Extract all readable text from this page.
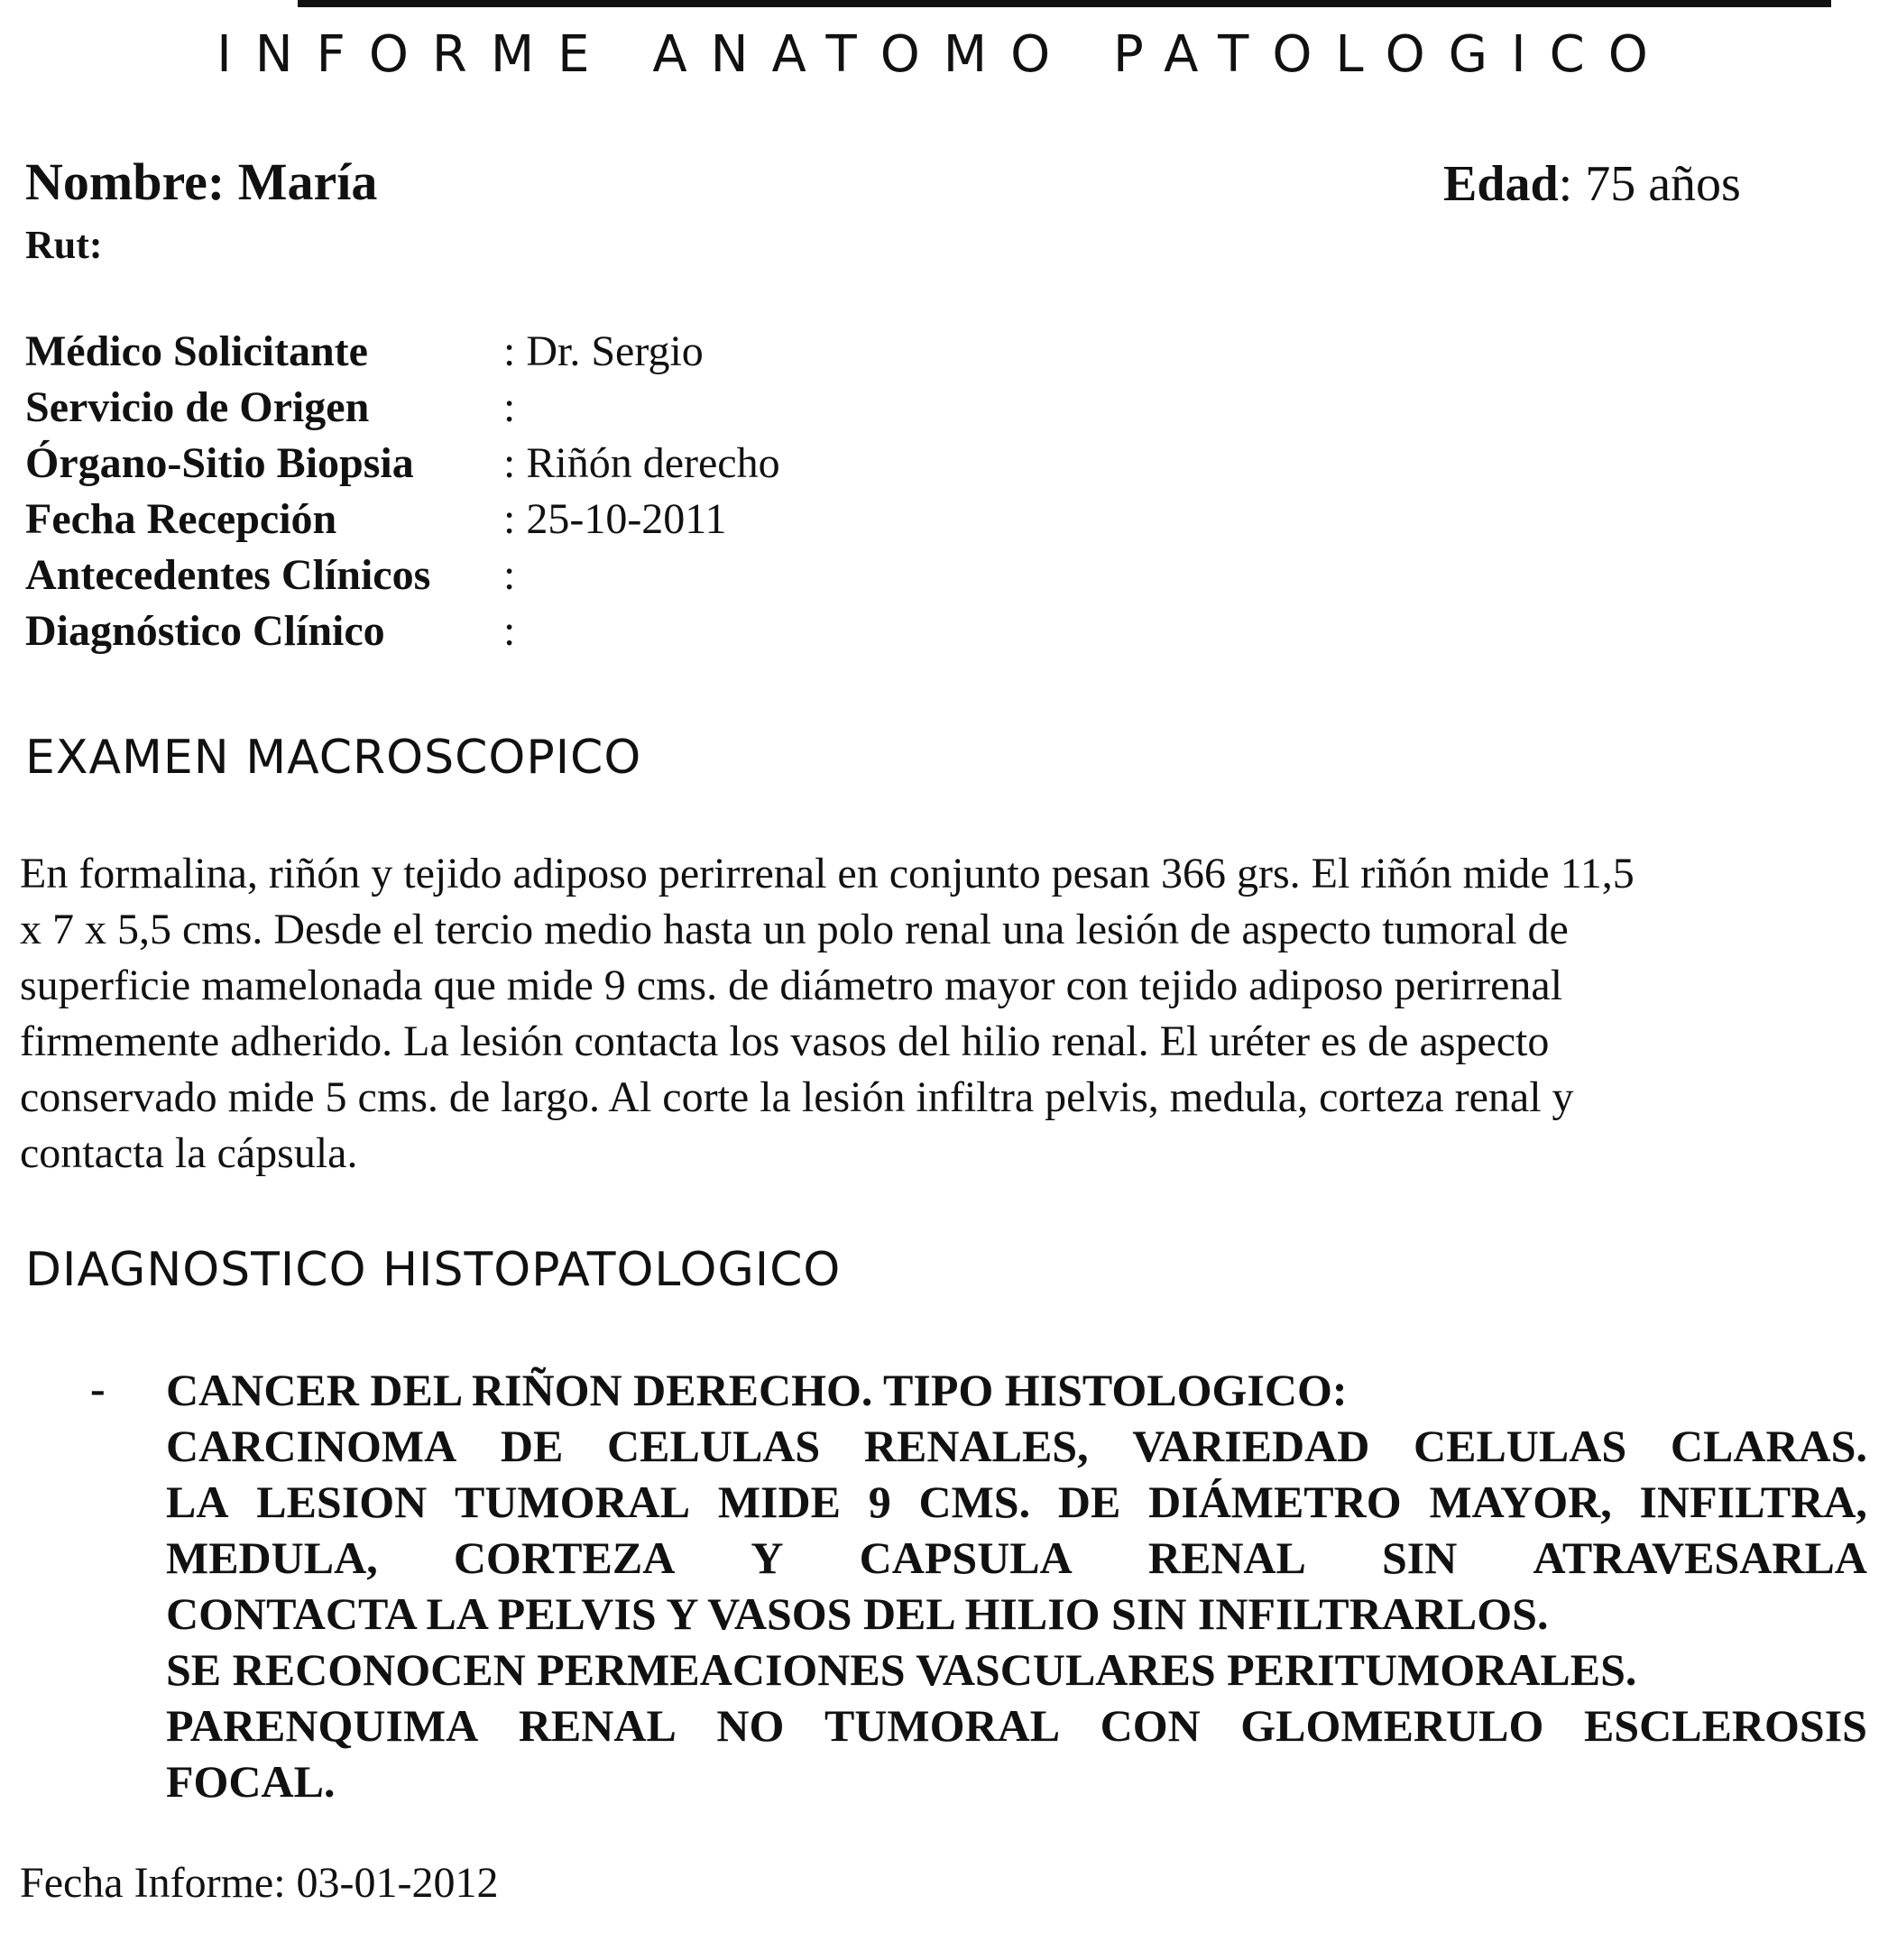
INFORME ANATOMO PATOLOGICO
Nombre: María	Edad: 75 años
Rut:
Médico Solicitante	: Dr. Sergio
Servicio de Origen	:
Órgano-Sitio Biopsia : Riñón derecho
Fecha Recepción	: 25-10-2011
Antecedentes Clínicos :
Diagnóstico Clínico	:
EXAMEN MACROSCOPICO
En formalina, riñón y tejido adiposo perirrenal en conjunto pesan 366 grs. El riñón mide 11,5
x 7 x 5,5 cms. Desde el tercio medio hasta un polo renal una lesión de aspecto tumoral de
superficie mamelonada que mide 9 cms. de diámetro mayor con tejido adiposo perirrenal
firmemente adherido. La lesión contacta los vasos del hilio renal. El uréter es de aspecto
conservado mide 5 cms. de largo. Al corte la lesión infiltra pelvis, medula, corteza renal y
contacta la cápsula.
DIAGNOSTICO HISTOPATOLOGICO
- CANCER DEL RIÑON DERECHO. TIPO HISTOLOGICO:
CARCINOMA DE CELULAS RENALES, VARIEDAD CELULAS CLARAS.
LA LESION TUMORAL MIDE 9 CMS. DE DIÁMETRO MAYOR, INFILTRA,
MEDULA, CORTEZA Y CAPSULA RENAL SIN ATRAVESARLA
CONTACTA LA PELVIS Y VASOS DEL HILIO SIN INFILTRARLOS.
SE RECONOCEN PERMEACIONES VASCULARES PERITUMORALES.
PARENQUIMA RENAL NO TUMORAL CON GLOMERULO ESCLEROSIS
FOCAL.
Fecha Informe: 03-01-2012
